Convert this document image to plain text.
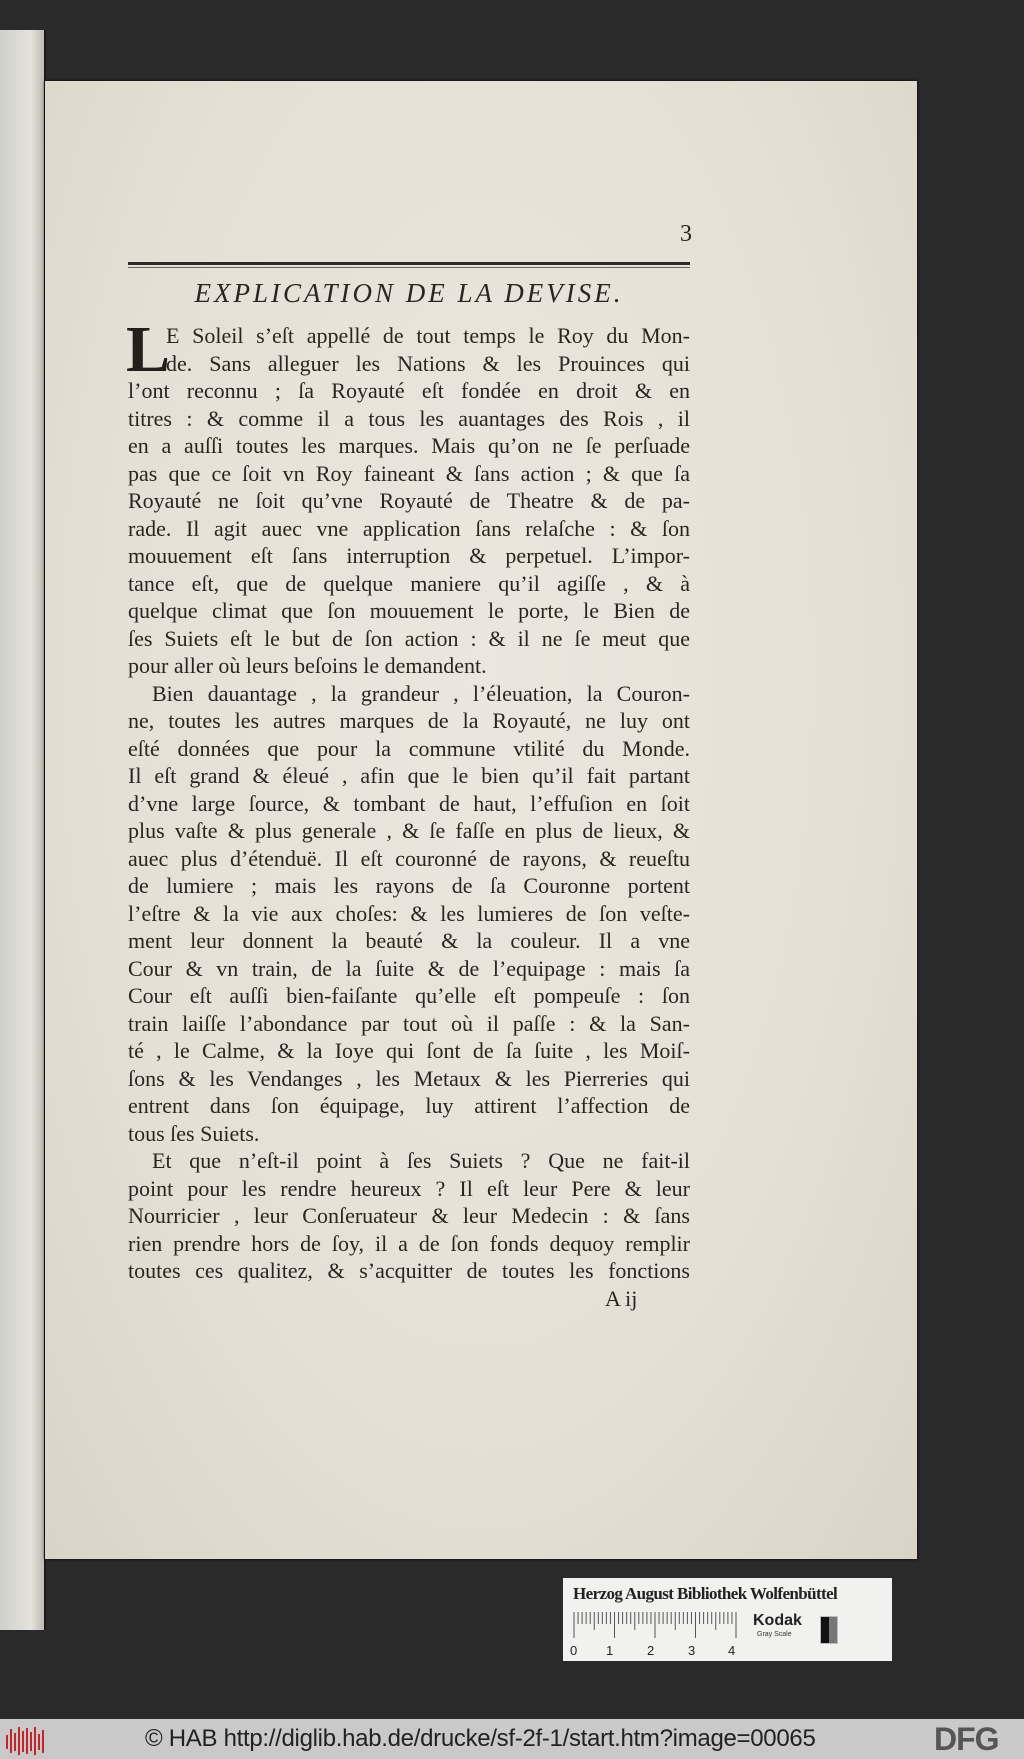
3
EXPLICATION DE LA DEVISE.
L
E Soleil s’eſt appellé de tout temps le Roy du Mon-
de. Sans alleguer les Nations & les Prouinces qui
l’ont reconnu ; ſa Royauté eſt fondée en droit & en
titres : & comme il a tous les auantages des Rois , il
en a auſſi toutes les marques. Mais qu’on ne ſe perſuade
pas que ce ſoit vn Roy faineant & ſans action ; & que ſa
Royauté ne ſoit qu’vne Royauté de Theatre & de pa-
rade. Il agit auec vne application ſans relaſche : & ſon
mouuement eſt ſans interruption & perpetuel. L’impor-
tance eſt, que de quelque maniere qu’il agiſſe , & à
quelque climat que ſon mouuement le porte, le Bien de
ſes Suiets eſt le but de ſon action : & il ne ſe meut que
pour aller où leurs beſoins le demandent.
Bien dauantage , la grandeur , l’éleuation, la Couron-
ne, toutes les autres marques de la Royauté, ne luy ont
eſté données que pour la commune vtilité du Monde.
Il eſt grand & éleué , afin que le bien qu’il fait partant
d’vne large ſource, & tombant de haut, l’effuſion en ſoit
plus vaſte & plus generale , & ſe faſſe en plus de lieux, &
auec plus d’étenduë. Il eſt couronné de rayons, & reueſtu
de lumiere ; mais les rayons de ſa Couronne portent
l’eſtre & la vie aux choſes: & les lumieres de ſon veſte-
ment leur donnent la beauté & la couleur. Il a vne
Cour & vn train, de la ſuite & de l’equipage : mais ſa
Cour eſt auſſi bien-faiſante qu’elle eſt pompeuſe : ſon
train laiſſe l’abondance par tout où il paſſe : & la San-
té , le Calme, & la Ioye qui ſont de ſa ſuite , les Moiſ-
ſons & les Vendanges , les Metaux & les Pierreries qui
entrent dans ſon équipage, luy attirent l’affection de
tous ſes Suiets.
Et que n’eſt-il point à ſes Suiets ? Que ne fait-il
point pour les rendre heureux ? Il eſt leur Pere & leur
Nourricier , leur Conſeruateur & leur Medecin : & ſans
rien prendre hors de ſoy, il a de ſon fonds dequoy remplir
toutes ces qualitez, & s’acquitter de toutes les fonctions
A ij
Herzog August Bibliothek Wolfenbüttel
0 1	2	3	4
Kodak
Gray Scale
© HAB http://diglib.hab.de/drucke/sf-2f-1/start.htm?image=00065	DFG
